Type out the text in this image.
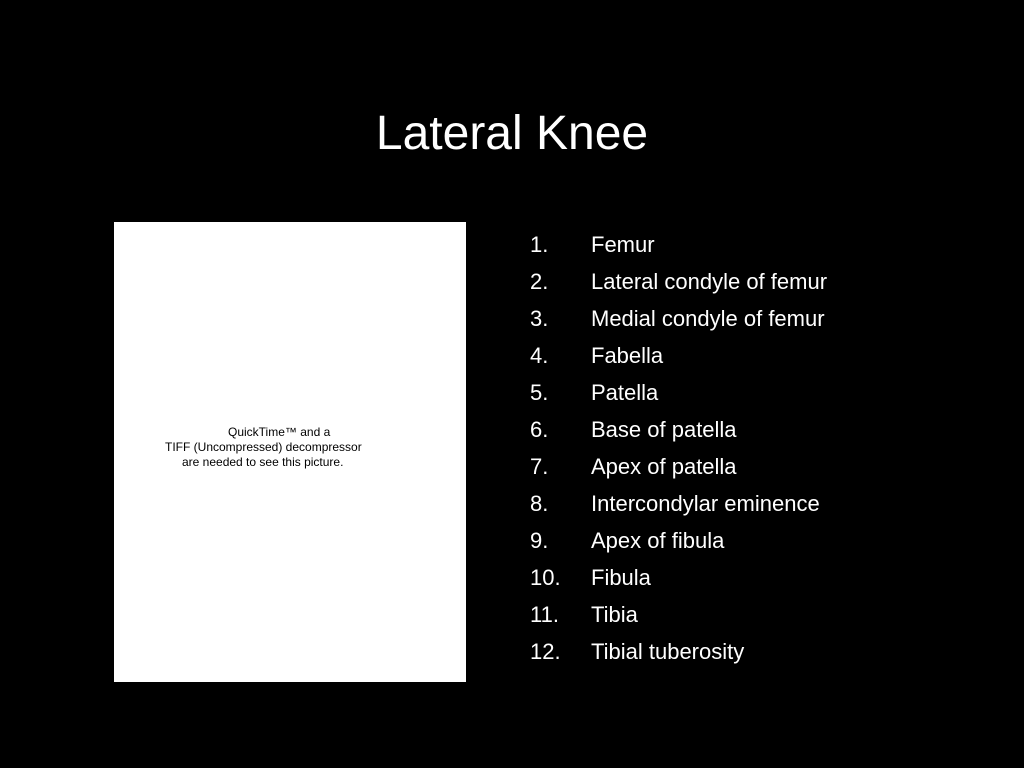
Lateral Knee
QuickTime™ and a
TIFF (Uncompressed) decompressor
are needed to see this picture.
1.	Femur
2.	Lateral condyle of femur
3.	Medial condyle of femur
4.	Fabella
5.	Patella
6.	Base of patella
7.	Apex of patella
8.	Intercondylar eminence
9.	Apex of fibula
10.	Fibula
11.	Tibia
12.	Tibial tuberosity
